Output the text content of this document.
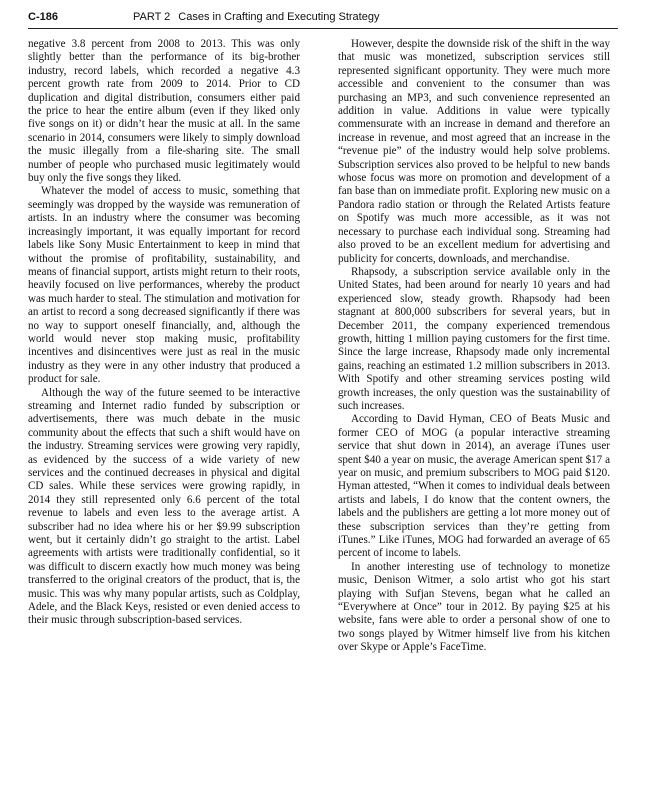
C-186	PART 2 Cases in Crafting and Executing Strategy

negative 3.8 percent from 2008 to 2013. This was only slightly better than the performance of its big-brother industry, record labels, which recorded a negative 4.3 percent growth rate from 2009 to 2014. Prior to CD duplication and digital distribution, consumers either paid the price to hear the entire album (even if they liked only five songs on it) or didn’t hear the music at all. In the same scenario in 2014, consumers were likely to simply download the music illegally from a file-sharing site. The small number of people who purchased music legitimately would buy only the five songs they liked.

Whatever the model of access to music, something that seemingly was dropped by the wayside was remuneration of artists. In an industry where the consumer was becoming increasingly important, it was equally important for record labels like Sony Music Entertainment to keep in mind that without the promise of profitability, sustainability, and means of financial support, artists might return to their roots, heavily focused on live performances, whereby the product was much harder to steal. The stimulation and motivation for an artist to record a song decreased significantly if there was no way to support oneself financially, and, although the world would never stop making music, profitability incentives and disincentives were just as real in the music industry as they were in any other industry that produced a product for sale.

Although the way of the future seemed to be interactive streaming and Internet radio funded by subscription or advertisements, there was much debate in the music community about the effects that such a shift would have on the industry. Streaming services were growing very rapidly, as evidenced by the success of a wide variety of new services and the continued decreases in physical and digital CD sales. While these services were growing rapidly, in 2014 they still represented only 6.6 percent of the total revenue to labels and even less to the average artist. A subscriber had no idea where his or her $9.99 subscription went, but it certainly didn’t go straight to the artist. Label agreements with artists were traditionally confidential, so it was difficult to discern exactly how much money was being transferred to the original creators of the product, that is, the music. This was why many popular artists, such as Coldplay, Adele, and the Black Keys, resisted or even denied access to their music through subscription-based services.

However, despite the downside risk of the shift in the way that music was monetized, subscription services still represented significant opportunity. They were much more accessible and convenient to the consumer than was purchasing an MP3, and such convenience represented an addition in value. Additions in value were typically commensurate with an increase in demand and therefore an increase in revenue, and most agreed that an increase in the “revenue pie” of the industry would help solve problems. Subscription services also proved to be helpful to new bands whose focus was more on promotion and development of a fan base than on immediate profit. Exploring new music on a Pandora radio station or through the Related Artists feature on Spotify was much more accessible, as it was not necessary to purchase each individual song. Streaming had also proved to be an excellent medium for advertising and publicity for concerts, downloads, and merchandise.

Rhapsody, a subscription service available only in the United States, had been around for nearly 10 years and had experienced slow, steady growth. Rhapsody had been stagnant at 800,000 subscribers for several years, but in December 2011, the company experienced tremendous growth, hitting 1 million paying customers for the first time. Since the large increase, Rhapsody made only incremental gains, reaching an estimated 1.2 million subscribers in 2013. With Spotify and other streaming services posting wild growth increases, the only question was the sustainability of such increases.

According to David Hyman, CEO of Beats Music and former CEO of MOG (a popular interactive streaming service that shut down in 2014), an average iTunes user spent $40 a year on music, the average American spent $17 a year on music, and premium subscribers to MOG paid $120. Hyman attested, “When it comes to individual deals between artists and labels, I do know that the content owners, the labels and the publishers are getting a lot more money out of these subscription services than they’re getting from iTunes.” Like iTunes, MOG had forwarded an average of 65 percent of income to labels.

In another interesting use of technology to monetize music, Denison Witmer, a solo artist who got his start playing with Sufjan Stevens, began what he called an “Everywhere at Once” tour in 2012. By paying $25 at his website, fans were able to order a personal show of one to two songs played by Witmer himself live from his kitchen over Skype or Apple’s FaceTime.
